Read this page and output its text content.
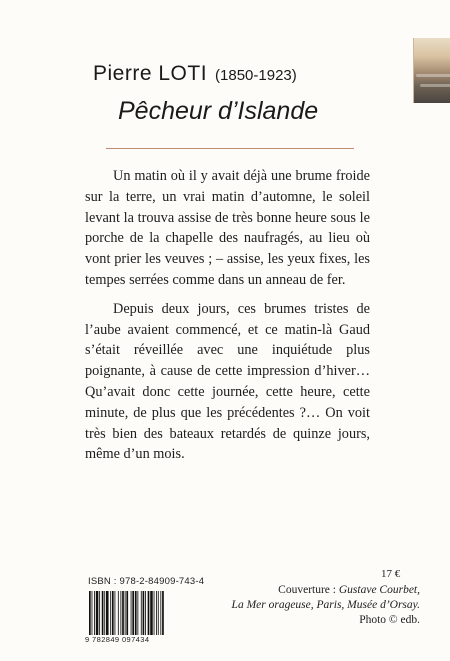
Pierre LOTI (1850-1923)
Pêcheur d’Islande

Un matin où il y avait déjà une brume froide sur la terre, un vrai matin d’automne, le soleil levant la trouva assise de très bonne heure sous le porche de la chapelle des naufragés, au lieu où vont prier les veuves ; – assise, les yeux fixes, les tempes serrées comme dans un anneau de fer.

Depuis deux jours, ces brumes tristes de l’aube avaient commencé, et ce matin-là Gaud s’était réveillée avec une inquiétude plus poignante, à cause de cette impression d’hiver… Qu’avait donc cette journée, cette heure, cette minute, de plus que les précédentes ?… On voit très bien des bateaux retardés de quinze jours, même d’un mois.

17 €
ISBN : 978-2-84909-743-4
9 782849 097434
Couverture : Gustave Courbet,
La Mer orageuse, Paris, Musée d’Orsay.
Photo © edb.
